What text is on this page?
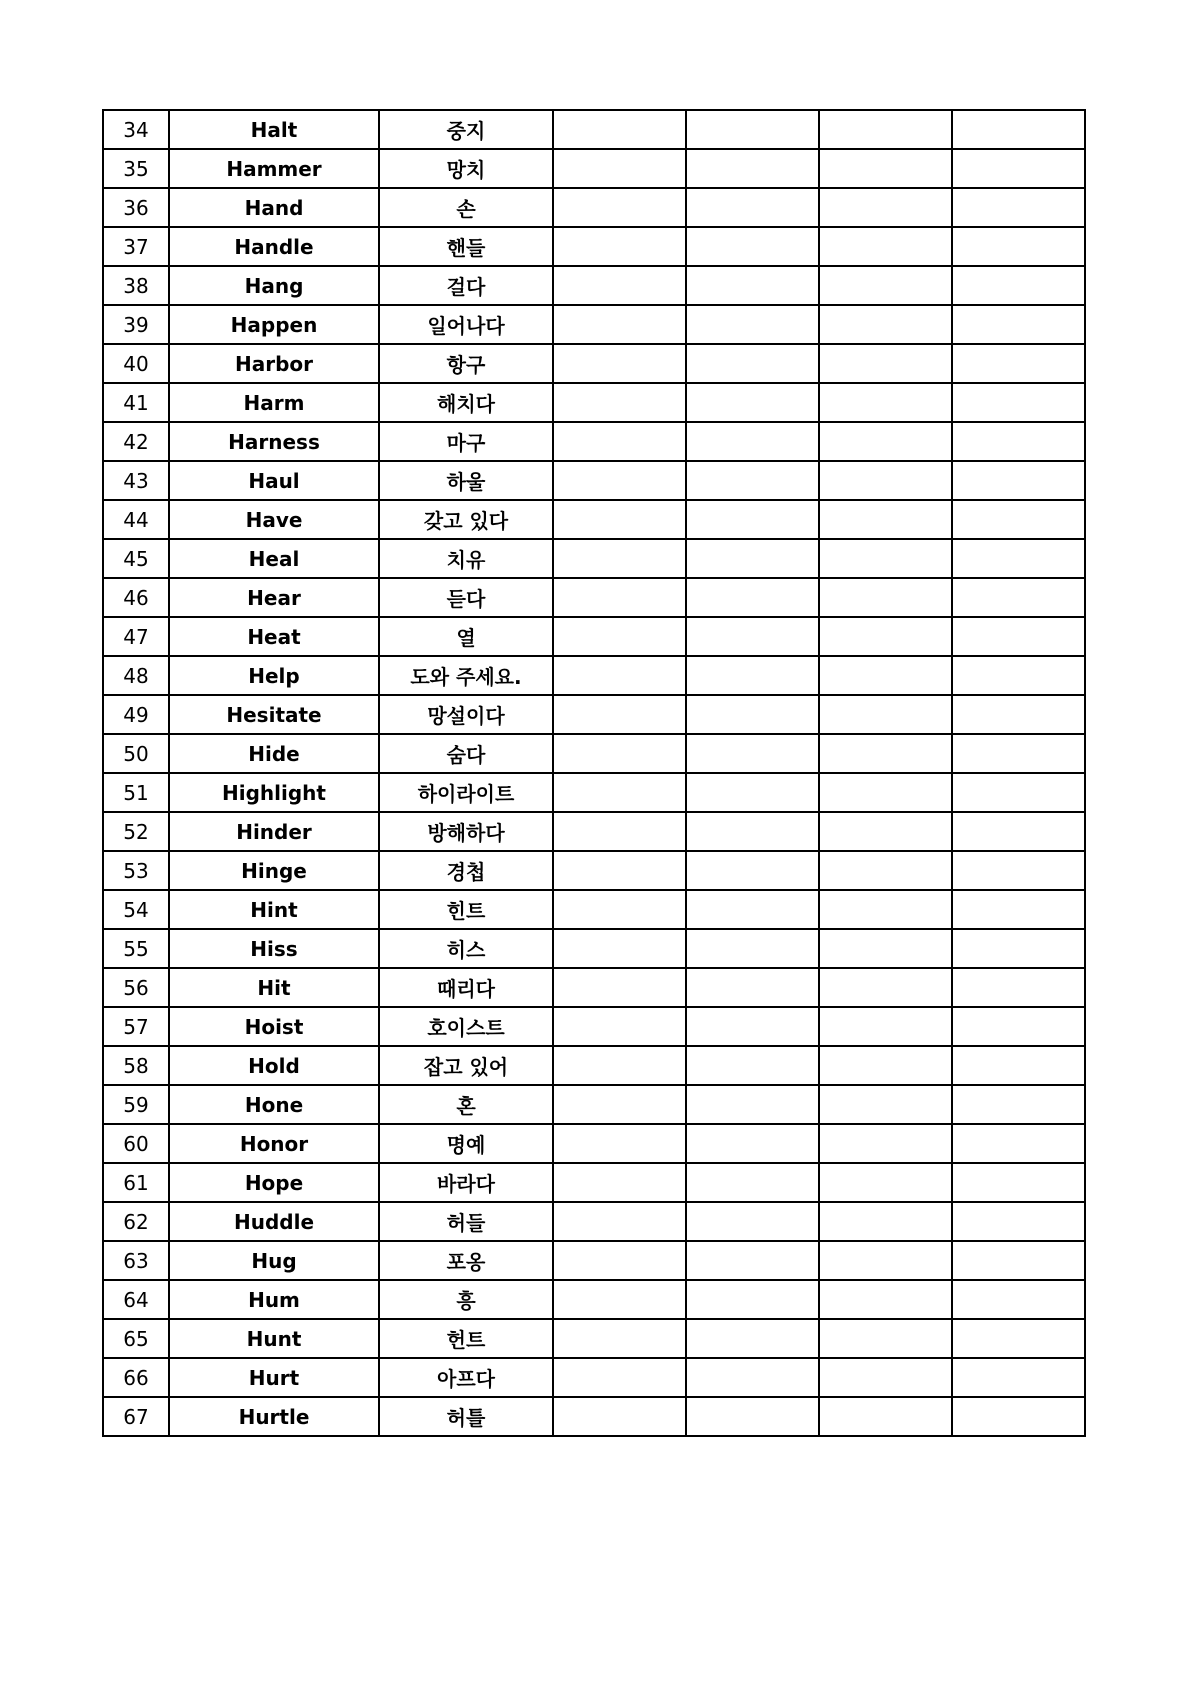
34	Halt	중지				
35	Hammer	망치				
36	Hand	손				
37	Handle	핸들				
38	Hang	걸다				
39	Happen	일어나다				
40	Harbor	항구				
41	Harm	해치다				
42	Harness	마구				
43	Haul	하울				
44	Have	갖고 있다				
45	Heal	치유				
46	Hear	듣다				
47	Heat	열				
48	Help	도와 주세요.				
49	Hesitate	망설이다				
50	Hide	숨다				
51	Highlight	하이라이트				
52	Hinder	방해하다				
53	Hinge	경첩				
54	Hint	힌트				
55	Hiss	히스				
56	Hit	때리다				
57	Hoist	호이스트				
58	Hold	잡고 있어				
59	Hone	혼				
60	Honor	명예				
61	Hope	바라다				
62	Huddle	허들				
63	Hug	포옹				
64	Hum	흥				
65	Hunt	헌트				
66	Hurt	아프다				
67	Hurtle	허틀				
